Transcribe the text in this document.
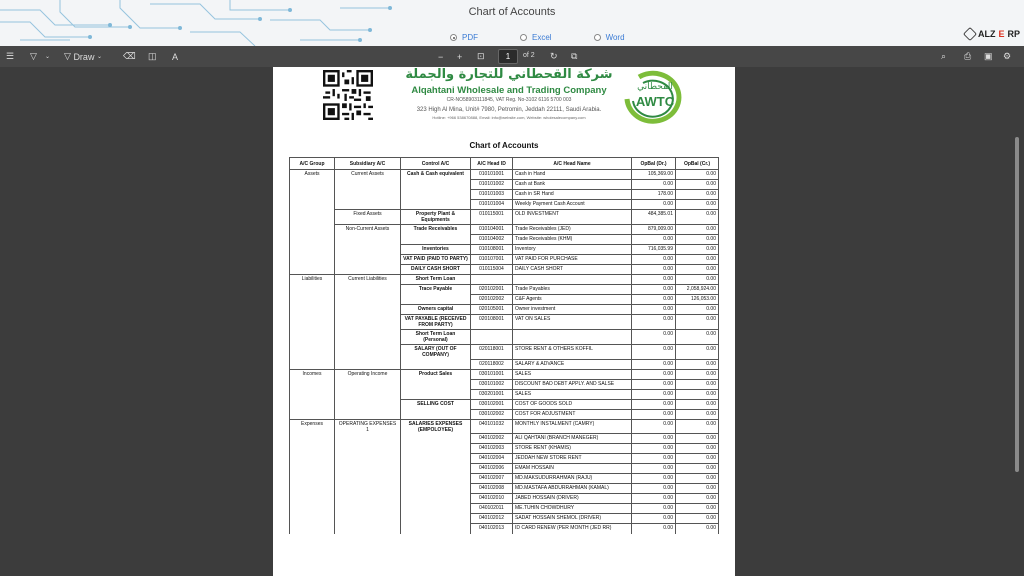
Chart of Accounts
PDF	Excel	Word	ALZ E RP
☰ ▽ ⌄ ▽
Draw
⌄ ⌫ ◫ A	− + ⊡	1	of 2 ↻ ⧉	⌕ ⎙ ▣ ⚙
شركة القحطاني للتجارة والجملة
Alqahtani Wholesale and Trading Company
CR-NO58903111845, VAT Reg. No-3102 6116 5700 003
323 High Al Mina, Unit# 7980, Petromin, Jeddah 22111, Saudi Arabia.
Hotline: +966 538670888, Email: info@website.com, Website: wholesalecompany.com
القحطاني
AWTC
Chart of Accounts
A/C Group	Subsidiary A/C	Control A/C	A/C Head ID	A/C Head Name	OpBal (Dr.)	OpBal (Cr.)
Assets	Current Assets	Cash & Cash equivalent	010101001	Cash in Hand	105,369.00	0.00
			010101002	Cash at Bank	0.00	0.00
			010101003	Cash in SR Hand	178.00	0.00
			010101004	Weekly Payment Cash Account	0.00	0.00
	Fixed Assets	Property Plant & Equipments	010115001	OLD INVESTMENT	484,385.01	0.00
	Non-Current Assets	Trade Receivables	010104001	Trade Receivables (JED)	879,009.00	0.00
			010104002	Trade Receivables (KHM)	0.00	0.00
		Inventories	010108001	Inventory	716,035.99	0.00
		VAT PAID (PAID TO PARTY)	010107001	VAT PAID FOR PURCHASE	0.00	0.00
		DAILY CASH SHORT	010115004	DAILY CASH SHORT	0.00	0.00
Liabilities	Current Liabilities	Short Term Loan			0.00	0.00
		Trace Payable	020102001	Trade Payables	0.00	2,058,924.00
			020102002	C&F Agents	0.00	126,053.00
		Owners capital	020105001	Owner investment	0.00	0.00
		VAT PAYABLE (RECEIVED FROM PARTY)	020108001	VAT ON SALES	0.00	0.00
		Short Term Loan (Personal)			0.00	0.00
		SALARY (OUT OF COMPANY)	020118001	STORE RENT & OTHERS KOFFIL	0.00	0.00
			020118002	SALARY & ADVANCE	0.00	0.00
Incomes	Operating Income	Product Sales	030101001	SALES	0.00	0.00
			030101002	DISCOUNT BAD DEBT APPLY. AND SALSE	0.00	0.00
			030201001	SALES	0.00	0.00
		SELLING COST	030102001	COST OF GOODS SOLD	0.00	0.00
			030102002	COST FOR ADJUSTMENT	0.00	0.00
Expenses	OPERATING EXPENSES 1	SALARIES EXPENSES (EMPOLOYEE)	040101032	MONTHLY INSTALMENT (CAMRY)	0.00	0.00
			040102002	ALI QAHTANI (BRANCH MANEGER)	0.00	0.00
			040102003	STORE RENT (KHAMIS)	0.00	0.00
			040102004	JEDDAH NEW STORE RENT	0.00	0.00
			040102006	EMAM HOSSAIN	0.00	0.00
			040102007	MD.MAKSUDURRAHMAN (RAJU)	0.00	0.00
			040102008	MD.MASTAFA ABDURRAHMAN (KAMAL)	0.00	0.00
			040102010	JABED HOSSAIN (DRIVER)	0.00	0.00
			040102011	ME.TUHIN CHOWDHURY	0.00	0.00
			040102012	SADAT HOSSAIN SHEMOL (DRIVER)	0.00	0.00
			040102013	ID CARD RENEW (PER MONTH (JED RR)	0.00	0.00
